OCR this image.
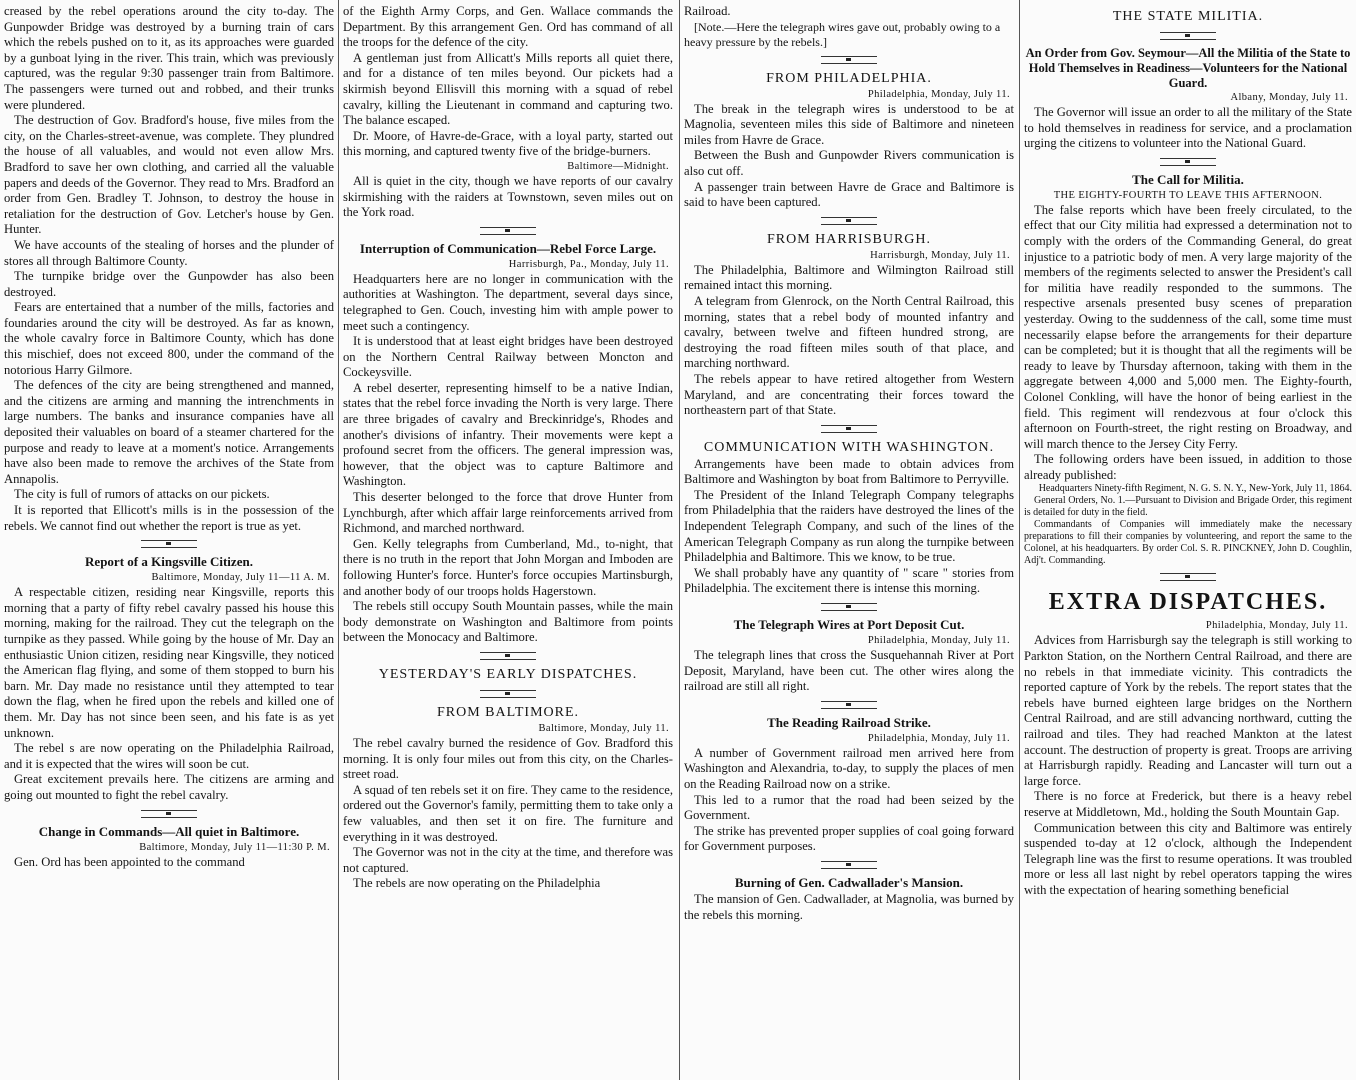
creased by the rebel operations around the city to-day. The Gunpowder Bridge was destroyed by a burning train of cars which the rebels pushed on to it, as its approaches were guarded by a gunboat lying in the river. This train, which was previously captured, was the regular 9:30 passenger train from Baltimore. The passengers were turned out and robbed, and their trunks were plundered.

The destruction of Gov. Bradford's house, five miles from the city, on the Charles-street-avenue, was complete. They plundred the house of all valuables, and would not even allow Mrs. Bradford to save her own clothing, and carried all the valuable papers and deeds of the Governor. They read to Mrs. Bradford an order from Gen. Bradley T. Johnson, to destroy the house in retaliation for the destruction of Gov. Letcher's house by Gen. Hunter.

We have accounts of the stealing of horses and the plunder of stores all through Baltimore County.

The turnpike bridge over the Gunpowder has also been destroyed.

Fears are entertained that a number of the mills, factories and foundaries around the city will be destroyed. As far as known, the whole cavalry force in Baltimore County, which has done this mischief, does not exceed 800, under the command of the notorious Harry Gilmore.

The defences of the city are being strengthened and manned, and the citizens are arming and manning the intrenchments in large numbers. The banks and insurance companies have all deposited their valuables on board of a steamer chartered for the purpose and ready to leave at a moment's notice. Arrangements have also been made to remove the archives of the State from Annapolis.

The city is full of rumors of attacks on our pickets.

It is reported that Ellicott's mills is in the possession of the rebels. We cannot find out whether the report is true as yet.

Report of a Kingsville Citizen.

Baltimore, Monday, July 11—11 A. M.

A respectable citizen, residing near Kingsville, reports this morning that a party of fifty rebel cavalry passed his house this morning, making for the railroad. They cut the telegraph on the turnpike as they passed. While going by the house of Mr. Day an enthusiastic Union citizen, residing near Kingsville, they noticed the American flag flying, and some of them stopped to burn his barn. Mr. Day made no resistance until they attempted to tear down the flag, when he fired upon the rebels and killed one of them. Mr. Day has not since been seen, and his fate is as yet unknown.

The rebel s are now operating on the Philadelphia Railroad, and it is expected that the wires will soon be cut.

Great excitement prevails here. The citizens are arming and going out mounted to fight the rebel cavalry.

Change in Commands—All quiet in Baltimore.

Baltimore, Monday, July 11—11:30 P. M.

Gen. Ord has been appointed to the command

of the Eighth Army Corps, and Gen. Wallace commands the Department. By this arrangement Gen. Ord has command of all the troops for the defence of the city.

A gentleman just from Allicatt's Mills reports all quiet there, and for a distance of ten miles beyond. Our pickets had a skirmish beyond Ellisvill this morning with a squad of rebel cavalry, killing the Lieutenant in command and capturing two. The balance escaped.

Dr. Moore, of Havre-de-Grace, with a loyal party, started out this morning, and captured twenty five of the bridge-burners.

Baltimore—Midnight.

All is quiet in the city, though we have reports of our cavalry skirmishing with the raiders at Townstown, seven miles out on the York road.

Interruption of Communication—Rebel Force Large.

Harrisburgh, Pa., Monday, July 11.

Headquarters here are no longer in communication with the authorities at Washington. The department, several days since, telegraphed to Gen. Couch, investing him with ample power to meet such a contingency.

It is understood that at least eight bridges have been destroyed on the Northern Central Railway between Moncton and Cockeysville.

A rebel deserter, representing himself to be a native Indian, states that the rebel force invading the North is very large. There are three brigades of cavalry and Breckinridge's, Rhodes and another's divisions of infantry. Their movements were kept a profound secret from the officers. The general impression was, however, that the object was to capture Baltimore and Washington.

This deserter belonged to the force that drove Hunter from Lynchburgh, after which affair large reinforcements arrived from Richmond, and marched northward.

Gen. Kelly telegraphs from Cumberland, Md., to-night, that there is no truth in the report that John Morgan and Imboden are following Hunter's force. Hunter's force occupies Martinsburgh, and another body of our troops holds Hagerstown.

The rebels still occupy South Mountain passes, while the main body demonstrate on Washington and Baltimore from points between the Monocacy and Baltimore.

YESTERDAY'S EARLY DISPATCHES.
FROM BALTIMORE.

Baltimore, Monday, July 11.

The rebel cavalry burned the residence of Gov. Bradford this morning. It is only four miles out from this city, on the Charles-street road.

A squad of ten rebels set it on fire. They came to the residence, ordered out the Governor's family, permitting them to take only a few valuables, and then set it on fire. The furniture and everything in it was destroyed.

The Governor was not in the city at the time, and therefore was not captured.

The rebels are now operating on the Philadelphia

Railroad.

[Note.—Here the telegraph wires gave out, probably owing to a heavy pressure by the rebels.]

FROM PHILADELPHIA.

Philadelphia, Monday, July 11.

The break in the telegraph wires is understood to be at Magnolia, seventeen miles this side of Baltimore and nineteen miles from Havre de Grace.

Between the Bush and Gunpowder Rivers communication is also cut off.

A passenger train between Havre de Grace and Baltimore is said to have been captured.

FROM HARRISBURGH.

Harrisburgh, Monday, July 11.

The Philadelphia, Baltimore and Wilmington Railroad still remained intact this morning.

A telegram from Glenrock, on the North Central Railroad, this morning, states that a rebel body of mounted infantry and cavalry, between twelve and fifteen hundred strong, are destroying the road fifteen miles south of that place, and marching northward.

The rebels appear to have retired altogether from Western Maryland, and are concentrating their forces toward the northeastern part of that State.

COMMUNICATION WITH WASHINGTON.

Arrangements have been made to obtain advices from Baltimore and Washington by boat from Baltimore to Perryville.

The President of the Inland Telegraph Company telegraphs from Philadelphia that the raiders have destroyed the lines of the Independent Telegraph Company, and such of the lines of the American Telegraph Company as run along the turnpike between Philadelphia and Baltimore. This we know, to be true.

We shall probably have any quantity of " scare " stories from Philadelphia. The excitement there is intense this morning.

The Telegraph Wires at Port Deposit Cut.

Philadelphia, Monday, July 11.

The telegraph lines that cross the Susquehannah River at Port Deposit, Maryland, have been cut. The other wires along the railroad are still all right.

The Reading Railroad Strike.

Philadelphia, Monday, July 11.

A number of Government railroad men arrived here from Washington and Alexandria, to-day, to supply the places of men on the Reading Railroad now on a strike.

This led to a rumor that the road had been seized by the Government.

The strike has prevented proper supplies of coal going forward for Government purposes.

Burning of Gen. Cadwallader's Mansion.

The mansion of Gen. Cadwallader, at Magnolia, was burned by the rebels this morning.

THE STATE MILITIA.
An Order from Gov. Seymour—All the Militia of the State to Hold Themselves in Readiness—Volunteers for the National Guard.

Albany, Monday, July 11.

The Governor will issue an order to all the military of the State to hold themselves in readiness for service, and a proclamation urging the citizens to volunteer into the National Guard.

The Call for Militia.

THE EIGHTY-FOURTH TO LEAVE THIS AFTERNOON.

The false reports which have been freely circulated, to the effect that our City militia had expressed a determination not to comply with the orders of the Commanding General, do great injustice to a patriotic body of men. A very large majority of the members of the regiments selected to answer the President's call for militia have readily responded to the summons. The respective arsenals presented busy scenes of preparation yesterday. Owing to the suddenness of the call, some time must necessarily elapse before the arrangements for their departure can be completed; but it is thought that all the regiments will be ready to leave by Thursday afternoon, taking with them in the aggregate between 4,000 and 5,000 men. The Eighty-fourth, Colonel Conkling, will have the honor of being earliest in the field. This regiment will rendezvous at four o'clock this afternoon on Fourth-street, the right resting on Broadway, and will march thence to the Jersey City Ferry.

The following orders have been issued, in addition to those already published:

Headquarters Ninety-fifth Regiment, N. G. S. N. Y., New-York, July 11, 1864.

General Orders, No. 1.—Pursuant to Division and Brigade Order, this regiment is detailed for duty in the field.

Commandants of Companies will immediately make the necessary preparations to fill their companies by volunteering, and report the same to the Colonel, at his headquarters. By order Col. S. R. PINCKNEY, John D. Coughlin, Adj't. Commanding.

EXTRA DISPATCHES.

Philadelphia, Monday, July 11.

Advices from Harrisburgh say the telegraph is still working to Parkton Station, on the Northern Central Railroad, and there are no rebels in that immediate vicinity. This contradicts the reported capture of York by the rebels. The report states that the rebels have burned eighteen large bridges on the Northern Central Railroad, and are still advancing northward, cutting the railroad and tiles. They had reached Mankton at the latest account. The destruction of property is great. Troops are arriving at Harrisburgh rapidly. Reading and Lancaster will turn out a large force.

There is no force at Frederick, but there is a heavy rebel reserve at Middletown, Md., holding the South Mountain Gap.

Communication between this city and Baltimore was entirely suspended to-day at 12 o'clock, although the Independent Telegraph line was the first to resume operations. It was troubled more or less all last night by rebel operators tapping the wires with the expectation of hearing something beneficial
